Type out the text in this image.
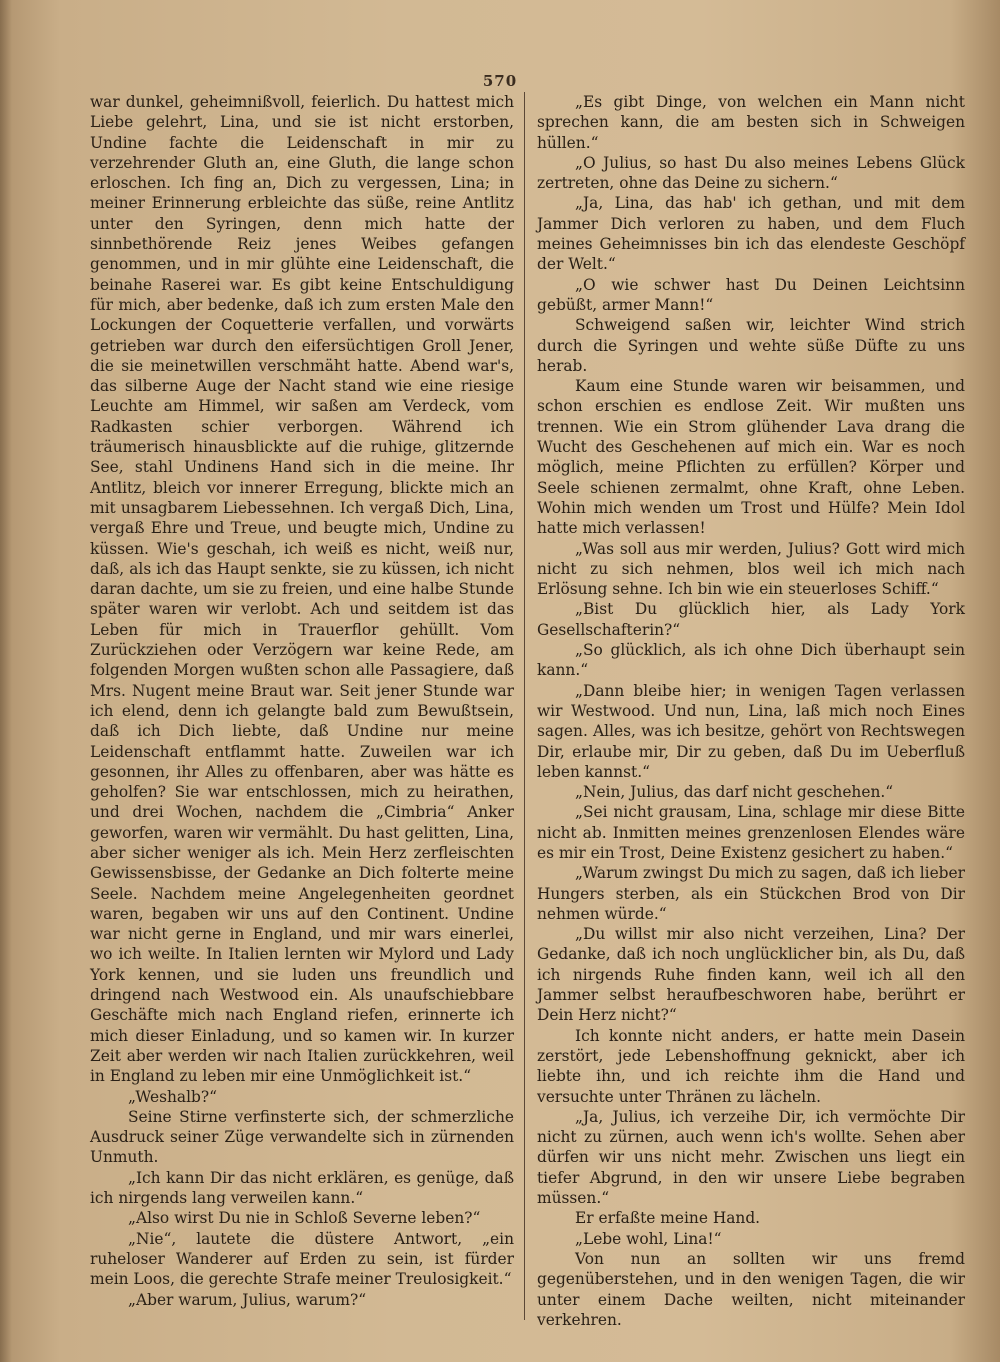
570

war dunkel, geheimnißvoll, feierlich. Du hattest mich Liebe gelehrt, Lina, und sie ist nicht erstorben, Undine fachte die Leidenschaft in mir zu verzehrender Gluth an, eine Gluth, die lange schon erloschen. Ich fing an, Dich zu vergessen, Lina; in meiner Erinnerung erbleichte das süße, reine Antlitz unter den Syringen, denn mich hatte der sinnbethörende Reiz jenes Weibes gefangen genommen, und in mir glühte eine Leidenschaft, die beinahe Raserei war. Es gibt keine Entschuldigung für mich, aber bedenke, daß ich zum ersten Male den Lockungen der Coquetterie verfallen, und vorwärts getrieben war durch den eifersüchtigen Groll Jener, die sie meinetwillen verschmäht hatte. Abend war's, das silberne Auge der Nacht stand wie eine riesige Leuchte am Himmel, wir saßen am Verdeck, vom Radkasten schier verborgen. Während ich träumerisch hinausblickte auf die ruhige, glitzernde See, stahl Undinens Hand sich in die meine. Ihr Antlitz, bleich vor innerer Erregung, blickte mich an mit unsagbarem Liebessehnen. Ich vergaß Dich, Lina, vergaß Ehre und Treue, und beugte mich, Undine zu küssen. Wie's geschah, ich weiß es nicht, weiß nur, daß, als ich das Haupt senkte, sie zu küssen, ich nicht daran dachte, um sie zu freien, und eine halbe Stunde später waren wir verlobt. Ach und seitdem ist das Leben für mich in Trauerflor gehüllt. Vom Zurückziehen oder Verzögern war keine Rede, am folgenden Morgen wußten schon alle Passagiere, daß Mrs. Nugent meine Braut war. Seit jener Stunde war ich elend, denn ich gelangte bald zum Bewußtsein, daß ich Dich liebte, daß Undine nur meine Leidenschaft entflammt hatte. Zuweilen war ich gesonnen, ihr Alles zu offenbaren, aber was hätte es geholfen? Sie war entschlossen, mich zu heirathen, und drei Wochen, nachdem die „Cimbria“ Anker geworfen, waren wir vermählt. Du hast gelitten, Lina, aber sicher weniger als ich. Mein Herz zerfleischten Gewissensbisse, der Gedanke an Dich folterte meine Seele. Nachdem meine Angelegenheiten geordnet waren, begaben wir uns auf den Continent. Undine war nicht gerne in England, und mir wars einerlei, wo ich weilte. In Italien lernten wir Mylord und Lady York kennen, und sie luden uns freundlich und dringend nach Westwood ein. Als unaufschiebbare Geschäfte mich nach England riefen, erinnerte ich mich dieser Einladung, und so kamen wir. In kurzer Zeit aber werden wir nach Italien zurückkehren, weil in England zu leben mir eine Unmöglichkeit ist.“

„Weshalb?“

Seine Stirne verfinsterte sich, der schmerzliche Ausdruck seiner Züge verwandelte sich in zürnenden Unmuth.

„Ich kann Dir das nicht erklären, es genüge, daß ich nirgends lang verweilen kann.“

„Also wirst Du nie in Schloß Severne leben?“

„Nie“, lautete die düstere Antwort, „ein ruheloser Wanderer auf Erden zu sein, ist fürder mein Loos, die gerechte Strafe meiner Treulosigkeit.“

„Aber warum, Julius, warum?“

„Es gibt Dinge, von welchen ein Mann nicht sprechen kann, die am besten sich in Schweigen hüllen.“

„O Julius, so hast Du also meines Lebens Glück zertreten, ohne das Deine zu sichern.“

„Ja, Lina, das hab' ich gethan, und mit dem Jammer Dich verloren zu haben, und dem Fluch meines Geheimnisses bin ich das elendeste Geschöpf der Welt.“

„O wie schwer hast Du Deinen Leichtsinn gebüßt, armer Mann!“

Schweigend saßen wir, leichter Wind strich durch die Syringen und wehte süße Düfte zu uns herab.

Kaum eine Stunde waren wir beisammen, und schon erschien es endlose Zeit. Wir mußten uns trennen. Wie ein Strom glühender Lava drang die Wucht des Geschehenen auf mich ein. War es noch möglich, meine Pflichten zu erfüllen? Körper und Seele schienen zermalmt, ohne Kraft, ohne Leben. Wohin mich wenden um Trost und Hülfe? Mein Idol hatte mich verlassen!

„Was soll aus mir werden, Julius? Gott wird mich nicht zu sich nehmen, blos weil ich mich nach Erlösung sehne. Ich bin wie ein steuerloses Schiff.“

„Bist Du glücklich hier, als Lady York Gesellschafterin?“

„So glücklich, als ich ohne Dich überhaupt sein kann.“

„Dann bleibe hier; in wenigen Tagen verlassen wir Westwood. Und nun, Lina, laß mich noch Eines sagen. Alles, was ich besitze, gehört von Rechtswegen Dir, erlaube mir, Dir zu geben, daß Du im Ueberfluß leben kannst.“

„Nein, Julius, das darf nicht geschehen.“

„Sei nicht grausam, Lina, schlage mir diese Bitte nicht ab. Inmitten meines grenzenlosen Elendes wäre es mir ein Trost, Deine Existenz gesichert zu haben.“

„Warum zwingst Du mich zu sagen, daß ich lieber Hungers sterben, als ein Stückchen Brod von Dir nehmen würde.“

„Du willst mir also nicht verzeihen, Lina? Der Gedanke, daß ich noch unglücklicher bin, als Du, daß ich nirgends Ruhe finden kann, weil ich all den Jammer selbst heraufbeschworen habe, berührt er Dein Herz nicht?“

Ich konnte nicht anders, er hatte mein Dasein zerstört, jede Lebenshoffnung geknickt, aber ich liebte ihn, und ich reichte ihm die Hand und versuchte unter Thränen zu lächeln.

„Ja, Julius, ich verzeihe Dir, ich vermöchte Dir nicht zu zürnen, auch wenn ich's wollte. Sehen aber dürfen wir uns nicht mehr. Zwischen uns liegt ein tiefer Abgrund, in den wir unsere Liebe begraben müssen.“

Er erfaßte meine Hand.

„Lebe wohl, Lina!“

Von nun an sollten wir uns fremd gegenüberstehen, und in den wenigen Tagen, die wir unter einem Dache weilten, nicht miteinander verkehren.
